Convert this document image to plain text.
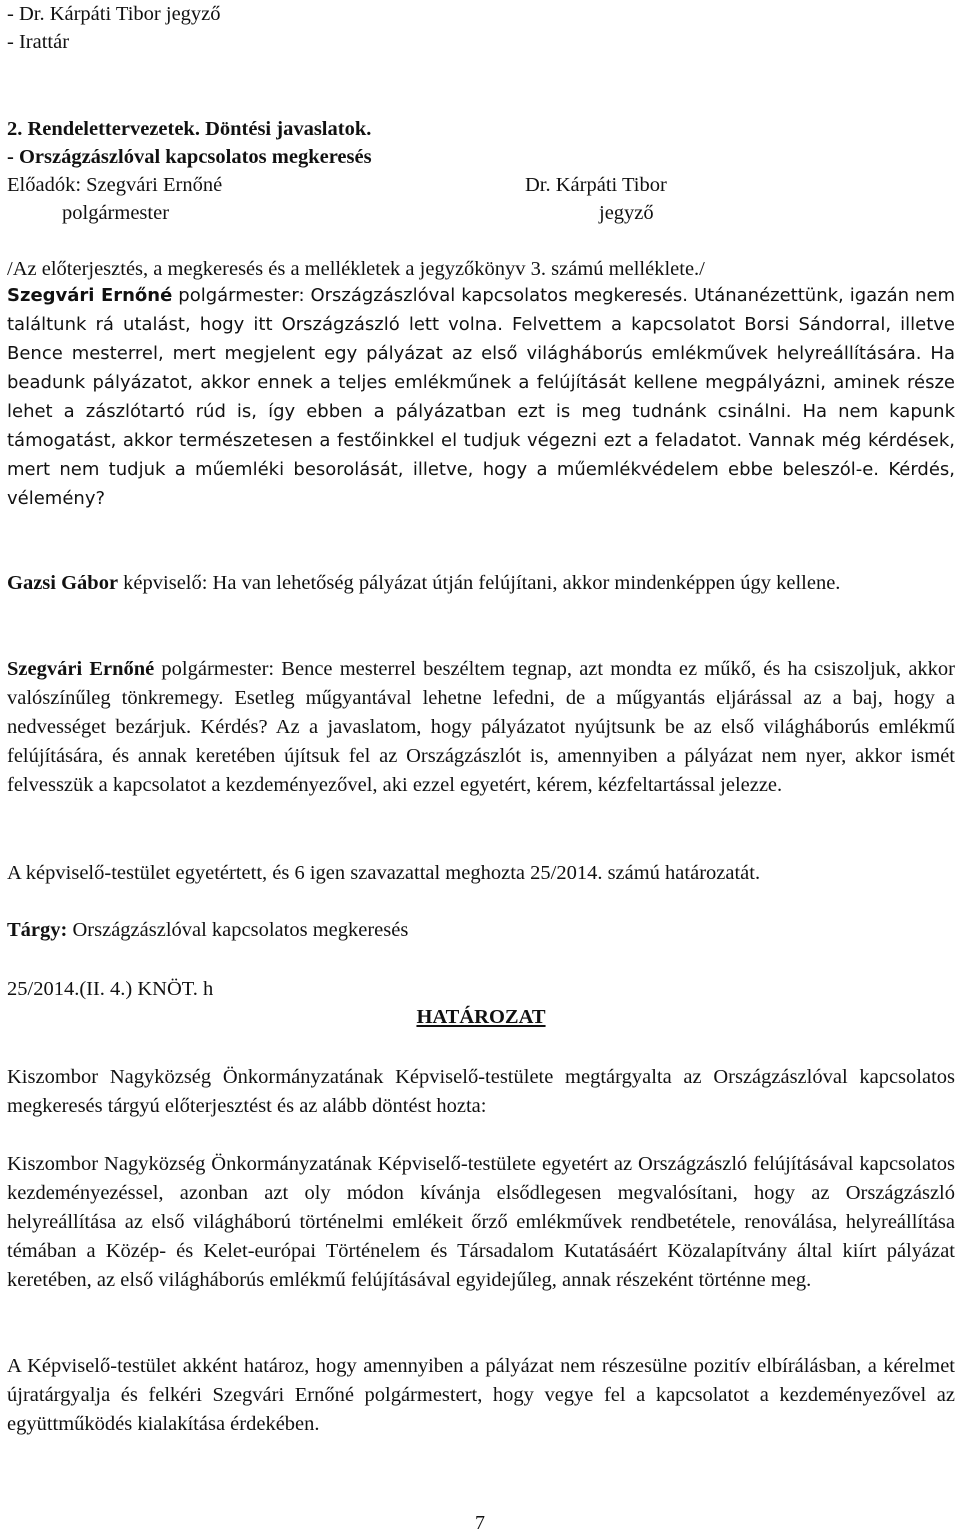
- Dr. Kárpáti Tibor jegyző
- Irattár
2. Rendelettervezetek. Döntési javaslatok.
- Országzászlóval kapcsolatos megkeresés
Előadók: Szegvári Ernőné
polgármester
Dr. Kárpáti Tibor
jegyző
/Az előterjesztés, a megkeresés és a mellékletek a jegyzőkönyv 3. számú melléklete./
Szegvári Ernőné polgármester: Országzászlóval kapcsolatos megkeresés. Utánanézettünk, igazán nem találtunk rá utalást, hogy itt Országzászló lett volna. Felvettem a kapcsolatot Borsi Sándorral, illetve Bence mesterrel, mert megjelent egy pályázat az első világháborús emlékművek helyreállítására. Ha beadunk pályázatot, akkor ennek a teljes emlékműnek a felújítását kellene megpályázni, aminek része lehet a zászlótartó rúd is, így ebben a pályázatban ezt is meg tudnánk csinálni. Ha nem kapunk támogatást, akkor természetesen a festőinkkel el tudjuk végezni ezt a feladatot. Vannak még kérdések, mert nem tudjuk a műemléki besorolását, illetve, hogy a műemlékvédelem ebbe beleszól-e. Kérdés, vélemény?
Gazsi Gábor képviselő: Ha van lehetőség pályázat útján felújítani, akkor mindenképpen úgy kellene.
Szegvári Ernőné polgármester: Bence mesterrel beszéltem tegnap, azt mondta ez műkő, és ha csiszoljuk, akkor valószínűleg tönkremegy. Esetleg műgyantával lehetne lefedni, de a műgyantás eljárással az a baj, hogy a nedvességet bezárjuk. Kérdés? Az a javaslatom, hogy pályázatot nyújtsunk be az első világháborús emlékmű felújítására, és annak keretében újítsuk fel az Országzászlót is, amennyiben a pályázat nem nyer, akkor ismét felvesszük a kapcsolatot a kezdeményezővel, aki ezzel egyetért, kérem, kézfeltartással jelezze.
A képviselő-testület egyetértett, és 6 igen szavazattal meghozta 25/2014. számú határozatát.
Tárgy: Országzászlóval kapcsolatos megkeresés
25/2014.(II. 4.) KNÖT. h
HATÁROZAT
Kiszombor Nagyközség Önkormányzatának Képviselő-testülete megtárgyalta az Országzászlóval kapcsolatos megkeresés tárgyú előterjesztést és az alább döntést hozta:
Kiszombor Nagyközség Önkormányzatának Képviselő-testülete egyetért az Országzászló felújításával kapcsolatos kezdeményezéssel, azonban azt oly módon kívánja elsődlegesen megvalósítani, hogy az Országzászló helyreállítása az első világháború történelmi emlékeit őrző emlékművek rendbetétele, renoválása, helyreállítása témában a Közép- és Kelet-európai Történelem és Társadalom Kutatásáért Közalapítvány által kiírt pályázat keretében, az első világháborús emlékmű felújításával egyidejűleg, annak részeként történne meg.
A Képviselő-testület akként határoz, hogy amennyiben a pályázat nem részesülne pozitív elbírálásban, a kérelmet újratárgyalja és felkéri Szegvári Ernőné polgármestert, hogy vegye fel a kapcsolatot a kezdeményezővel az együttműködés kialakítása érdekében.
7
